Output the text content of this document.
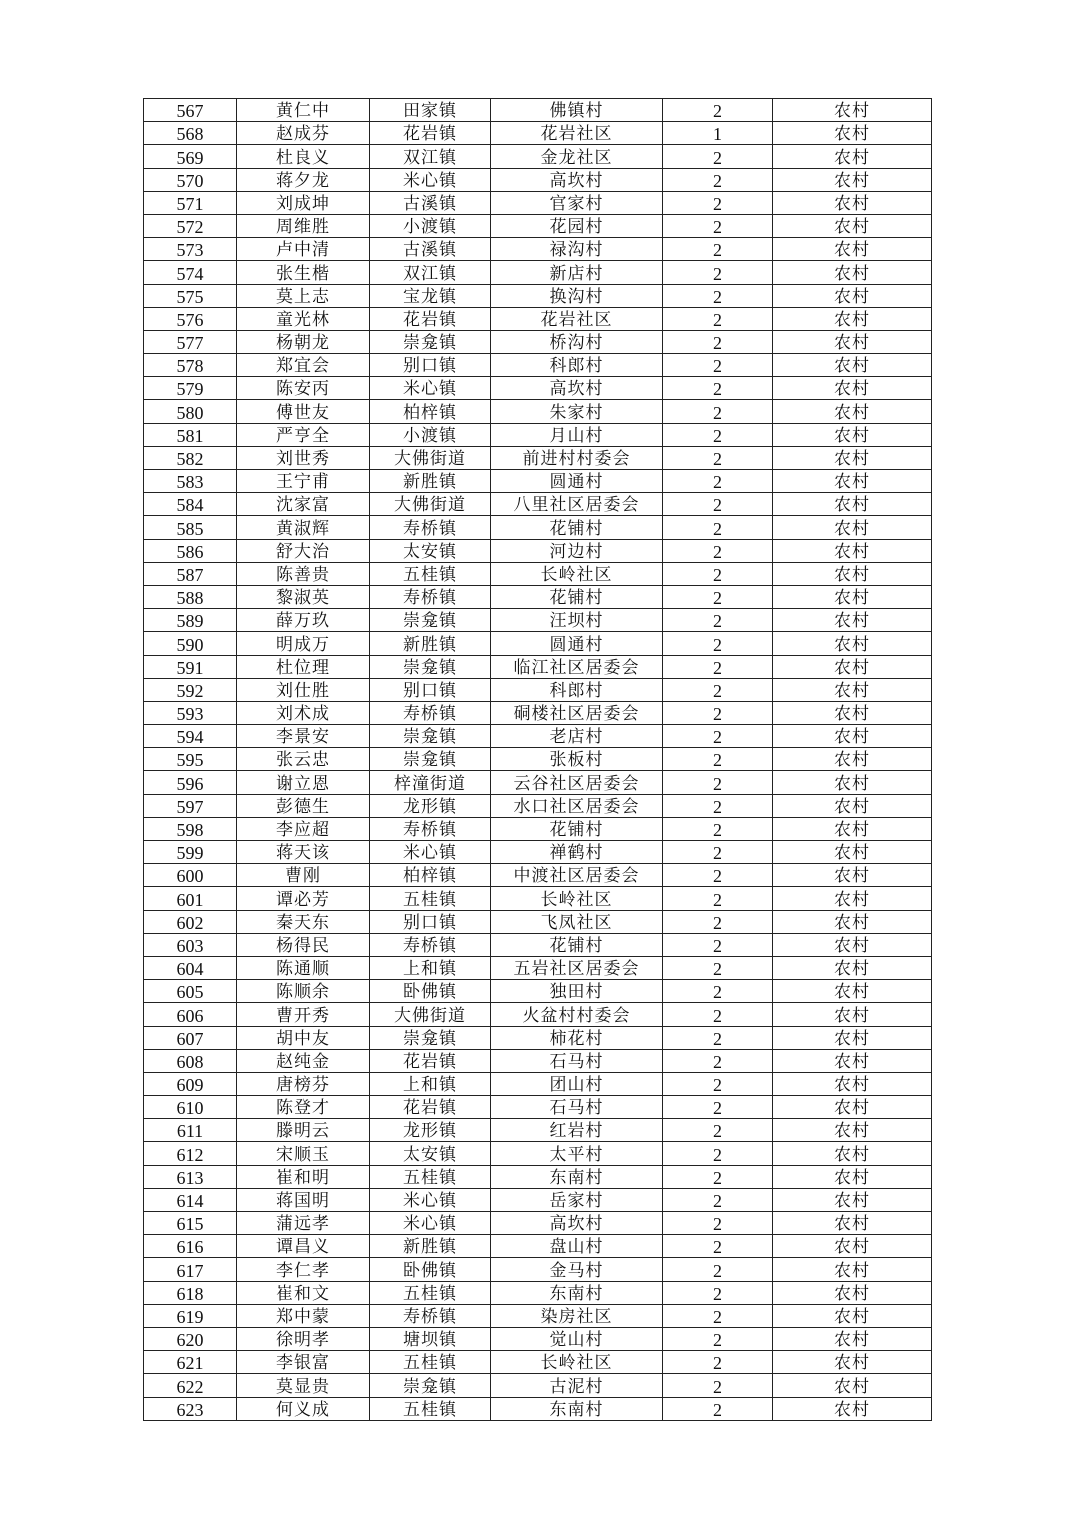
567	黄仁中	田家镇	佛镇村	2	农村
568	赵成芬	花岩镇	花岩社区	1	农村
569	杜良义	双江镇	金龙社区	2	农村
570	蒋夕龙	米心镇	高坎村	2	农村
571	刘成坤	古溪镇	官家村	2	农村
572	周维胜	小渡镇	花园村	2	农村
573	卢中清	古溪镇	禄沟村	2	农村
574	张生楷	双江镇	新店村	2	农村
575	莫上志	宝龙镇	换沟村	2	农村
576	童光林	花岩镇	花岩社区	2	农村
577	杨朝龙	崇龛镇	桥沟村	2	农村
578	郑宜会	别口镇	科郎村	2	农村
579	陈安丙	米心镇	高坎村	2	农村
580	傅世友	柏梓镇	朱家村	2	农村
581	严亨全	小渡镇	月山村	2	农村
582	刘世秀	大佛街道	前进村村委会	2	农村
583	王宁甫	新胜镇	圆通村	2	农村
584	沈家富	大佛街道	八里社区居委会	2	农村
585	黄淑辉	寿桥镇	花铺村	2	农村
586	舒大治	太安镇	河边村	2	农村
587	陈善贵	五桂镇	长岭社区	2	农村
588	黎淑英	寿桥镇	花铺村	2	农村
589	薛万玖	崇龛镇	汪坝村	2	农村
590	明成万	新胜镇	圆通村	2	农村
591	杜位理	崇龛镇	临江社区居委会	2	农村
592	刘仕胜	别口镇	科郎村	2	农村
593	刘术成	寿桥镇	硐楼社区居委会	2	农村
594	李景安	崇龛镇	老店村	2	农村
595	张云忠	崇龛镇	张板村	2	农村
596	谢立恩	梓潼街道	云谷社区居委会	2	农村
597	彭德生	龙形镇	水口社区居委会	2	农村
598	李应超	寿桥镇	花铺村	2	农村
599	蒋天该	米心镇	禅鹤村	2	农村
600	曹刚	柏梓镇	中渡社区居委会	2	农村
601	谭必芳	五桂镇	长岭社区	2	农村
602	秦天东	别口镇	飞凤社区	2	农村
603	杨得民	寿桥镇	花铺村	2	农村
604	陈通顺	上和镇	五岩社区居委会	2	农村
605	陈顺余	卧佛镇	独田村	2	农村
606	曹开秀	大佛街道	火盆村村委会	2	农村
607	胡中友	崇龛镇	柿花村	2	农村
608	赵纯金	花岩镇	石马村	2	农村
609	唐榜芬	上和镇	团山村	2	农村
610	陈登才	花岩镇	石马村	2	农村
611	滕明云	龙形镇	红岩村	2	农村
612	宋顺玉	太安镇	太平村	2	农村
613	崔和明	五桂镇	东南村	2	农村
614	蒋国明	米心镇	岳家村	2	农村
615	蒲远孝	米心镇	高坎村	2	农村
616	谭昌义	新胜镇	盘山村	2	农村
617	李仁孝	卧佛镇	金马村	2	农村
618	崔和文	五桂镇	东南村	2	农村
619	郑中蒙	寿桥镇	染房社区	2	农村
620	徐明孝	塘坝镇	觉山村	2	农村
621	李银富	五桂镇	长岭社区	2	农村
622	莫显贵	崇龛镇	古泥村	2	农村
623	何义成	五桂镇	东南村	2	农村
